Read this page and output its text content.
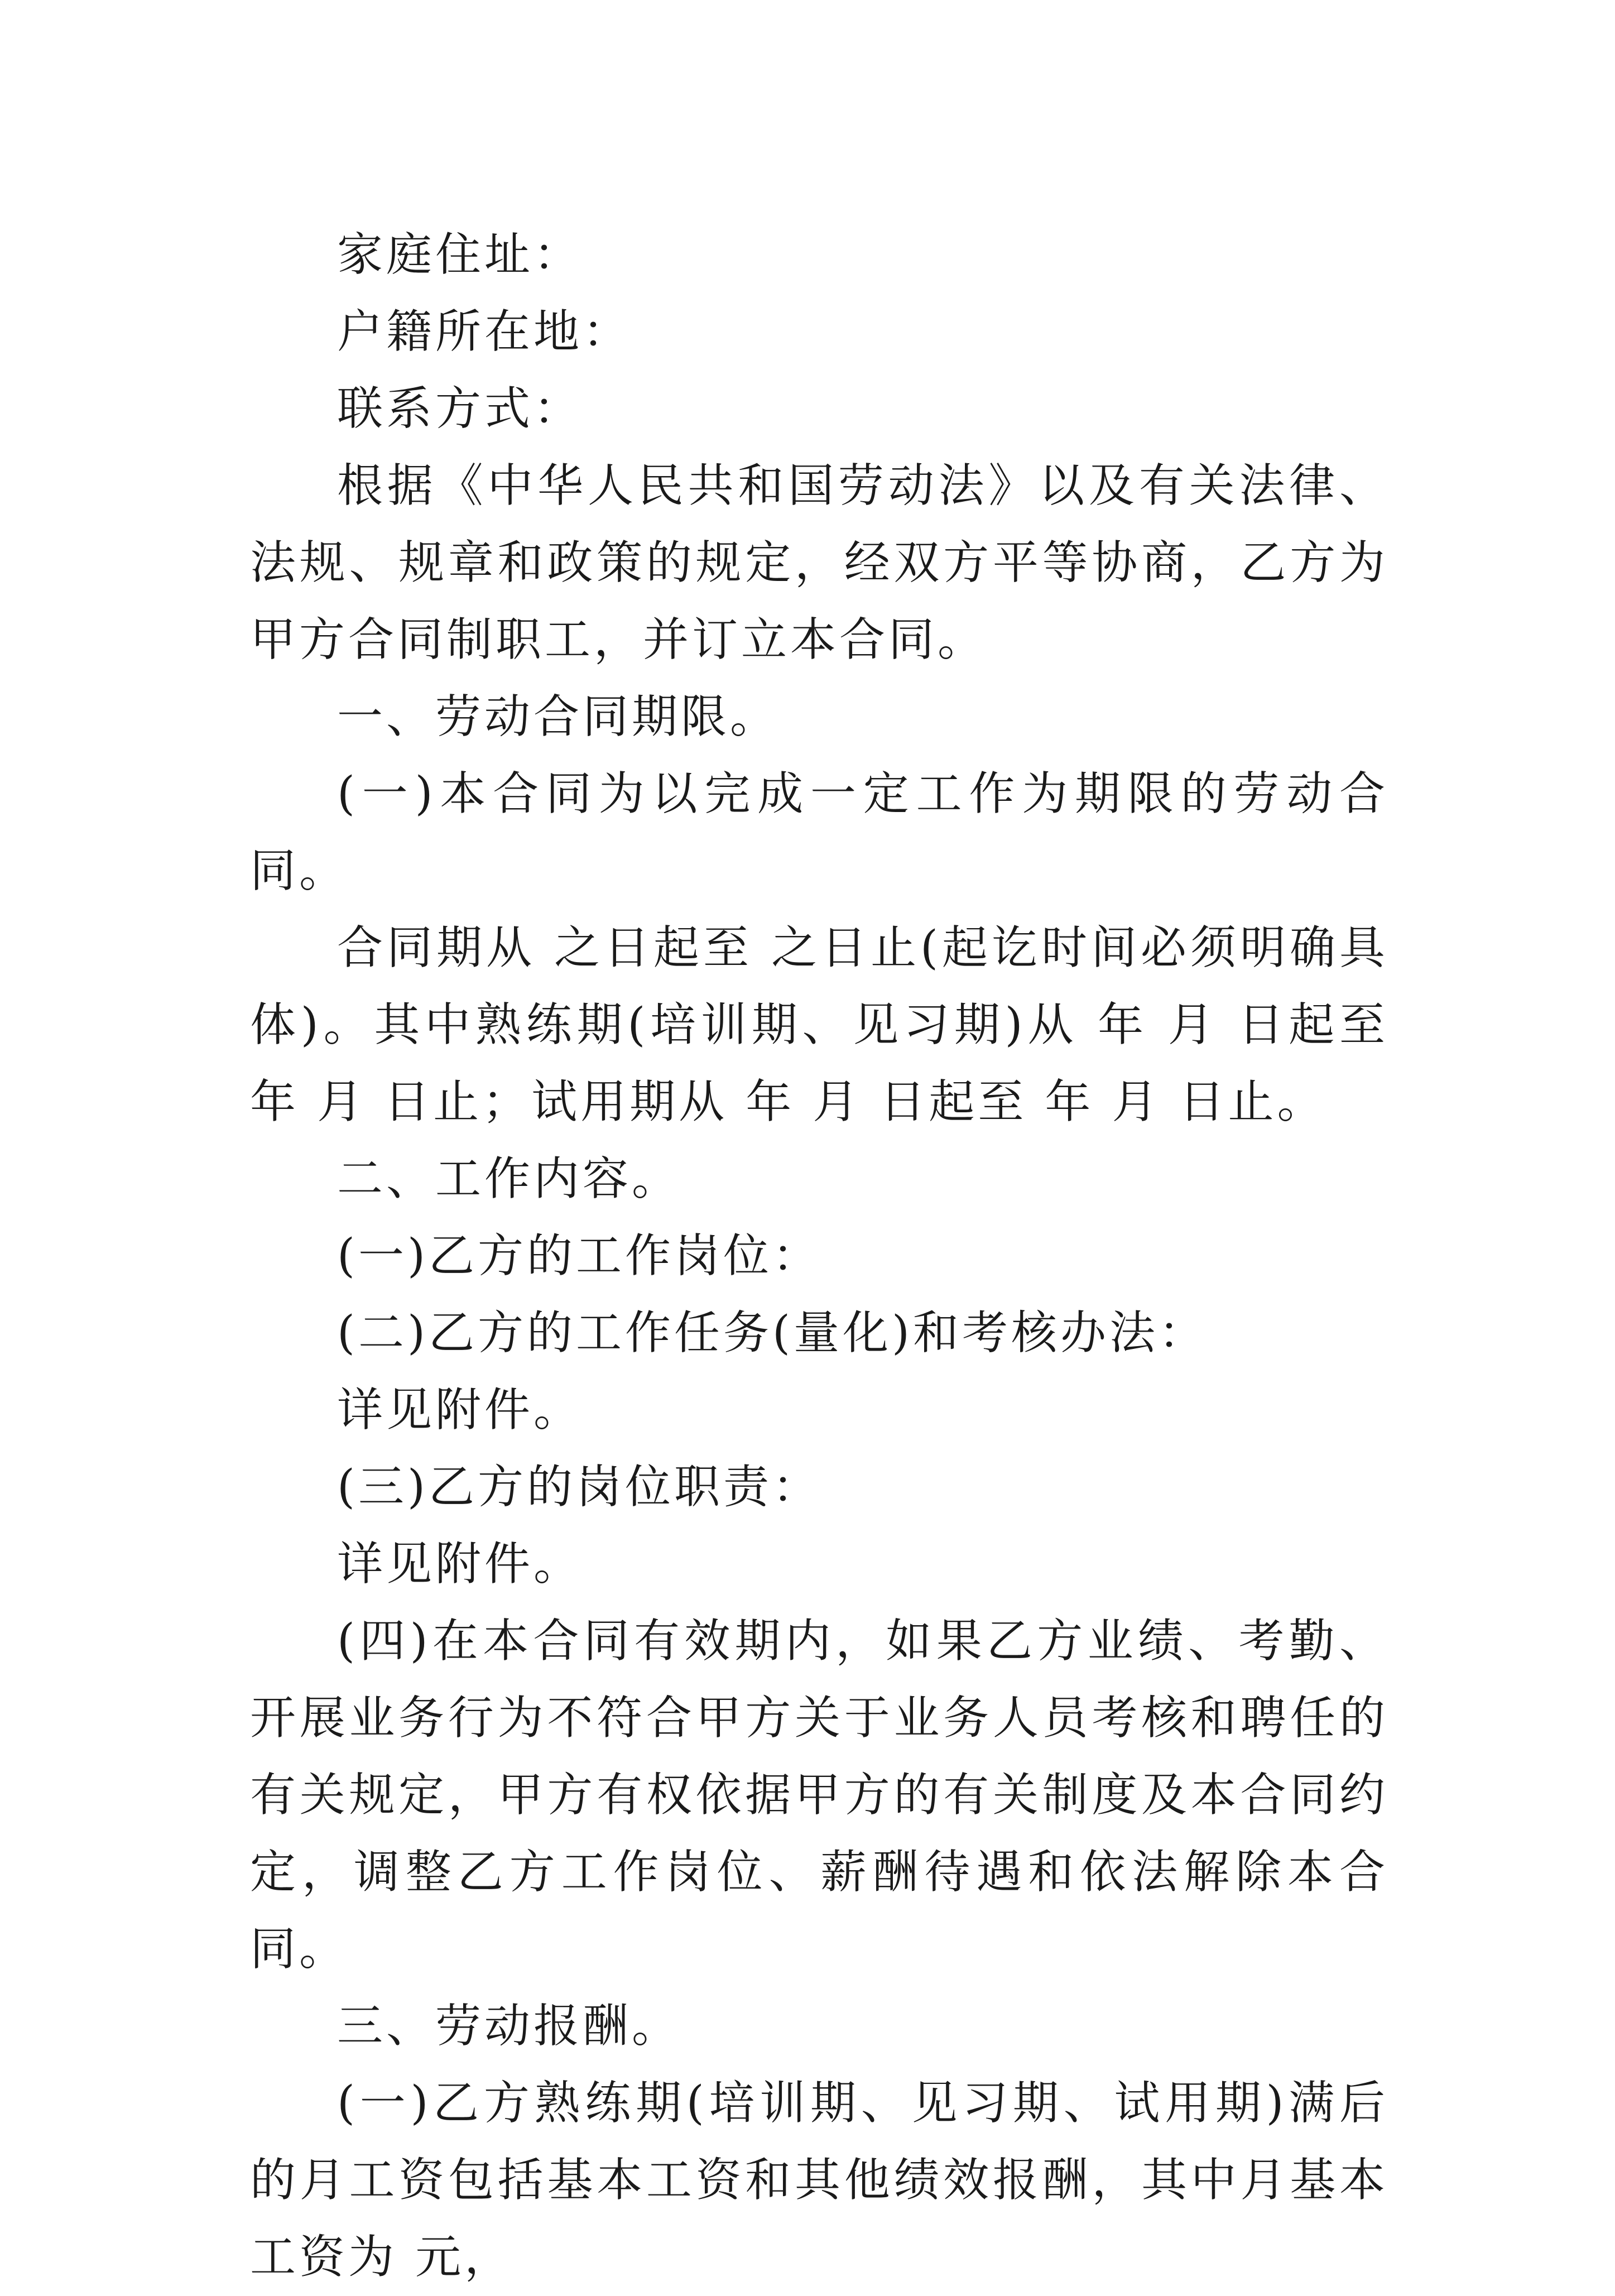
家庭住址：

户籍所在地：

联系方式：

根据《中华人民共和国劳动法》以及有关法律、法规、规章和政策的规定，经双方平等协商，乙方为甲方合同制职工，并订立本合同。

一、劳动合同期限。

(一)本合同为以完成一定工作为期限的劳动合同。

合同期从 之日起至 之日止(起讫时间必须明确具体)。其中熟练期(培训期、见习期)从 年 月 日起至 年 月 日止；试用期从 年 月 日起至 年 月 日止。

二、工作内容。

(一)乙方的工作岗位：

(二)乙方的工作任务(量化)和考核办法：

详见附件。

(三)乙方的岗位职责：

详见附件。

(四)在本合同有效期内，如果乙方业绩、考勤、开展业务行为不符合甲方关于业务人员考核和聘任的有关规定，甲方有权依据甲方的有关制度及本合同约定，调整乙方工作岗位、薪酬待遇和依法解除本合同。

三、劳动报酬。

(一)乙方熟练期(培训期、见习期、试用期)满后的月工资包括基本工资和其他绩效报酬，其中月基本工资为 元，
